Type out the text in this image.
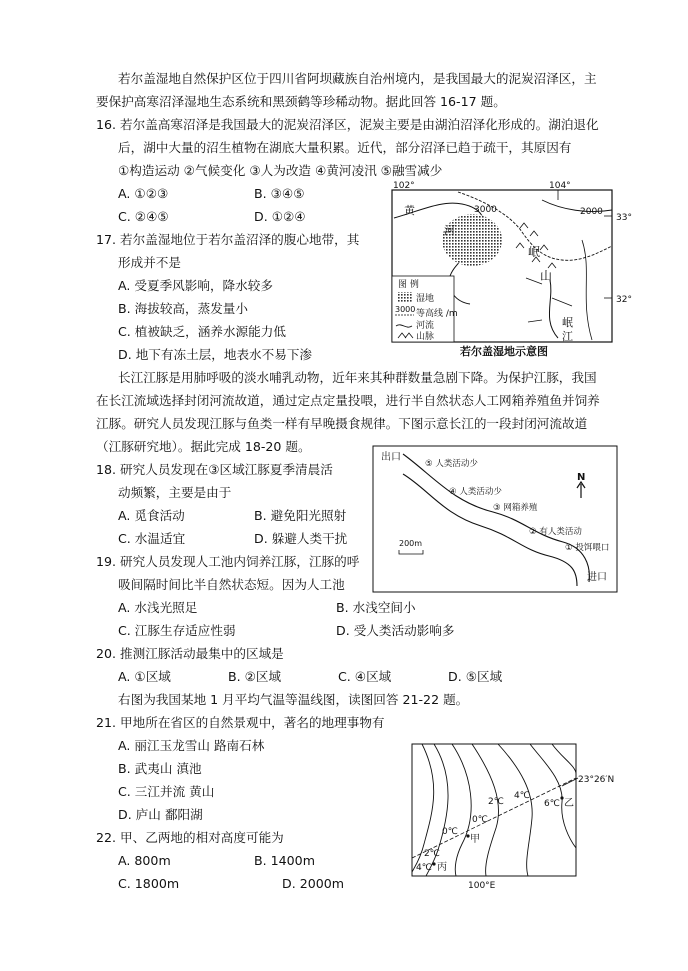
若尔盖湿地自然保护区位于四川省阿坝藏族自治州境内，是我国最大的泥炭沼泽区，主
要保护高寒沼泽湿地生态系统和黑颈鹤等珍稀动物。据此回答 16-17 题。
16. 若尔盖高寒沼泽是我国最大的泥炭沼泽区，泥炭主要是由湖泊沼泽化形成的。湖泊退化
后，湖中大量的沼生植物在湖底大量积累。近代，部分沼泽已趋于疏干，其原因有
①构造运动 ②气候变化 ③人为改造 ④黄河凌汛 ⑤融雪减少
A. ①②③	B. ③④⑤
C. ②④⑤	D. ①②④
17. 若尔盖湿地位于若尔盖沼泽的腹心地带，其
形成并不是
A. 受夏季风影响，降水较多
B. 海拔较高，蒸发量小
C. 植被缺乏，涵养水源能力低
D. 地下有冻土层，地表水不易下渗
102°	104°
33°
32°
黄
河
岷
山
岷
江
3000	2000
图 例
湿地
3000 等高线 /m
河流
山脉
若尔盖湿地示意图
长江江豚是用肺呼吸的淡水哺乳动物，近年来其种群数量急剧下降。为保护江豚，我国
在长江流域选择封闭河流故道，通过定点定量投喂，进行半自然状态人工网箱养殖鱼并饲养
江豚。研究人员发现江豚与鱼类一样有早晚摄食规律。下图示意长江的一段封闭河流故道
（江豚研究地）。据此完成 18-20 题。
18. 研究人员发现在③区域江豚夏季清晨活
动频繁，主要是由于
A. 觅食活动	B. 避免阳光照射
C. 水温适宜	D. 躲避人类干扰
出口
进口
N
200m
⑤ 人类活动少
④ 人类活动少
③ 网箱养殖
② 有人类活动
① 投饵喂口
19. 研究人员发现人工池内饲养江豚，江豚的呼
吸间隔时间比半自然状态短。因为人工池
A. 水浅光照足	B. 水浅空间小
C. 江豚生存适应性弱	D. 受人类活动影响多
20. 推测江豚活动最集中的区域是
A. ①区域	B. ②区域	C. ④区域	D. ⑤区域
右图为我国某地 1 月平均气温等温线图，读图回答 21-22 题。
21. 甲地所在省区的自然景观中，著名的地理事物有
A. 丽江玉龙雪山 路南石林
B. 武夷山 滇池
C. 三江并流 黄山
D. 庐山 鄱阳湖
22. 甲、乙两地的相对高度可能为
A. 800m	B. 1400m
C. 1800m	D. 2000m
23°26′N
100°E
2℃
4℃
6℃ 乙
0℃
0℃
甲
2℃
4℃ 丙
